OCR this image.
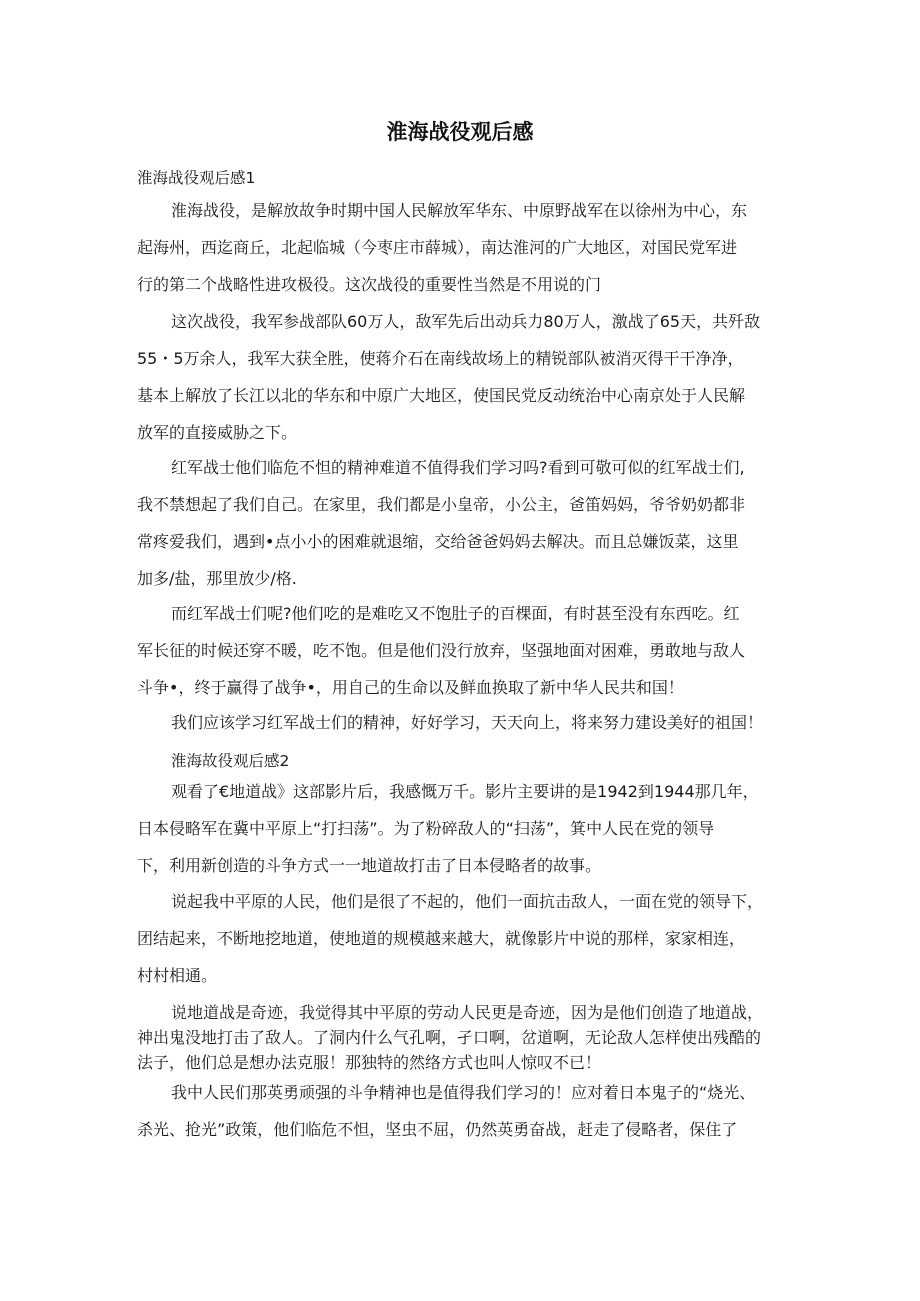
淮海战役观后感
淮海战役观后感1
淮海战役，是解放故争时期中国人民解放军华东、中原野战军在以徐州为中心，东
起海州，西迄商丘，北起临城（今枣庄市薛城），南达淮河的广大地区，对国民党军进
行的第二个战略性进攻极役。这次战役的重要性当然是不用说的门
这次战役，我军参战部队60万人，敌军先后出动兵力80万人，激战了65天，共歼敌
55・5万余人，我军大获全胜，使蒋介石在南线故场上的精锐部队被消灭得干干净净，
基本上解放了长江以北的华东和中原广大地区，使国民党反动统治中心南京处于人民解
放军的直接威胁之下。
红军战士他们临危不怛的精神难道不值得我们学习吗?看到可敬可似的红军战士们,
我不禁想起了我们自己。在家里，我们都是小皇帝，小公主，爸笛妈妈，爷爷奶奶都非
常疼爱我们，遇到•点小小的困难就退缩，交给爸爸妈妈去解决。而且总嫌饭菜，这里
加多/盐，那里放少/格.
而红军战士们呢?他们吃的是难吃又不饱肚子的百棵面，有时甚至没有东西吃。红
军长征的时候还穿不暖，吃不饱。但是他们没行放弃，坚强地面对困难，勇敢地与敌人
斗争•，终于赢得了战争•，用自己的生命以及鲜血换取了新中华人民共和国！
我们应该学习红军战士们的精神，好好学习，天天向上，将来努力建设美好的祖国！
淮海故役观后感2
观看了€地道战》这部影片后，我感慨万千。影片主要讲的是1942到1944那几年，
日本侵略军在冀中平原上“打扫荡”。为了粉碎敌人的“扫荡”，箕中人民在党的领导
下，利用新创造的斗争方式一一地道故打击了日本侵略者的故事。
说起我中平原的人民，他们是很了不起的，他们一面抗击敌人，一面在党的领导下，
团结起来，不断地挖地道，使地道的规模越来越大，就像影片中说的那样，家家相连，
村村相通。
说地道战是奇迹，我觉得其中平原的劳动人民更是奇迹，因为是他们创造了地道战，
神出鬼没地打击了敌人。了洞内什么气孔啊，孑口啊，岔道啊，无论敌人怎样使出残酷的
法子，他们总是想办法克服！那独特的然络方式也叫人惊叹不已！
我中人民们那英勇顽强的斗争精神也是值得我们学习的！应对着日本鬼子的“烧光、
杀光、抢光”政策，他们临危不怛，坚虫不屈，仍然英勇奋战，赶走了侵略者，保住了
